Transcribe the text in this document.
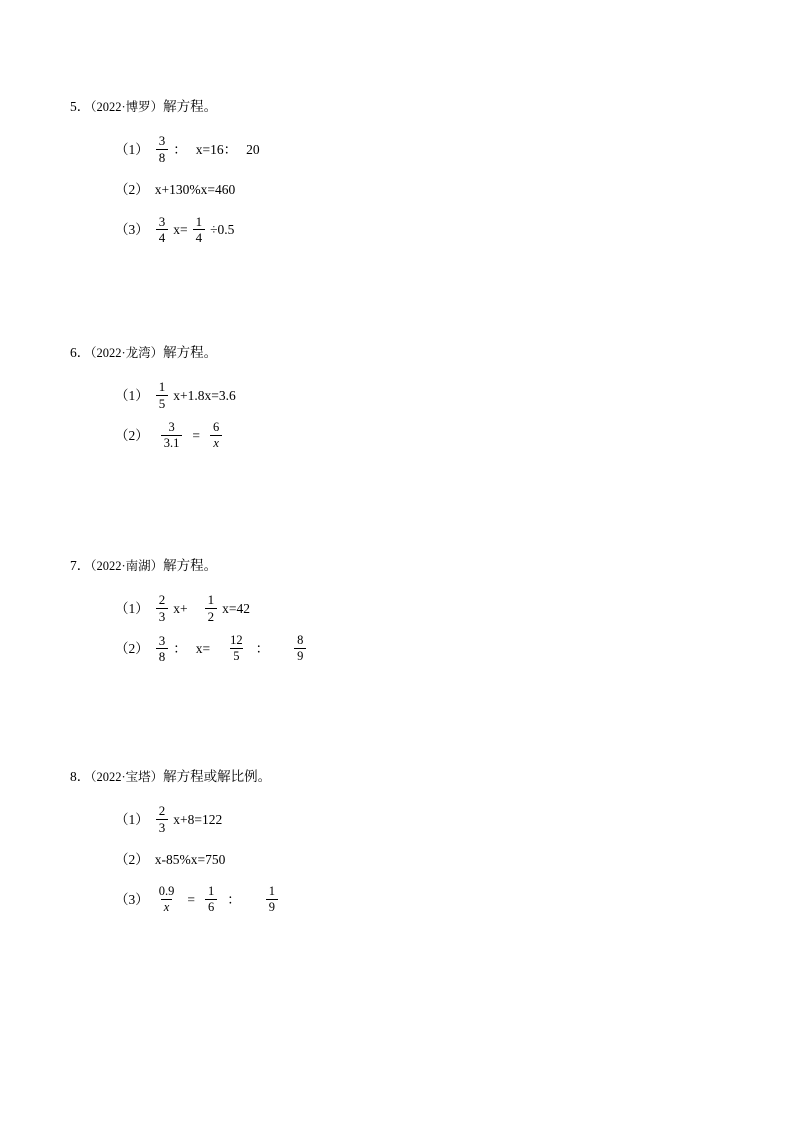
5．（2022·博罗）解方程。
$(1) \frac{3}{8}$ ： x=16： 20
（2） x+130%x=460
$(3) \frac{3}{4} x= \frac{1}{4} \div 0.5$
6．（2022·龙湾）解方程。
$(1) \frac{1}{5} x+1.8x=3.6$
$(2) \frac{3}{3.1} = \frac{6}{x}$
7．（2022·南湖）解方程。
$(1) \frac{2}{3} x+ \frac{1}{2} x=42$
$(2) \frac{3}{8}$ ： $x= \frac{12}{5}$ ： $\frac{8}{9}$
8．（2022·宝塔）解方程或解比例。
$(1) \frac{2}{3} x+8=122$
（2） x-85%x=750
$(3) \frac{0.9}{x} = \frac{1}{6}$ ： $\frac{1}{9}$
